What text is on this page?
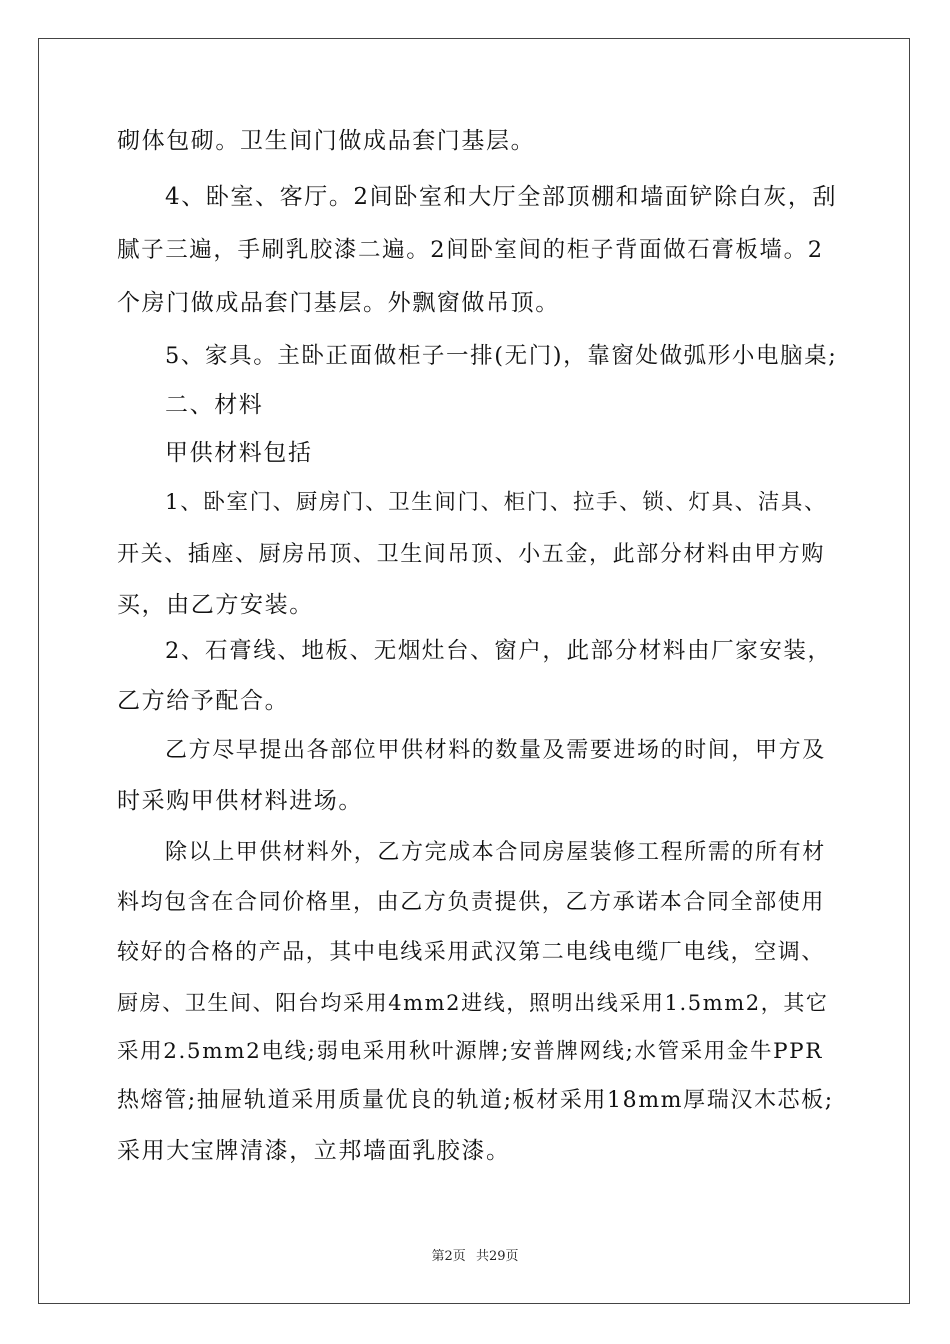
砌体包砌。卫生间门做成品套门基层。
4、卧室、客厅。2间卧室和大厅全部顶棚和墙面铲除白灰，刮
腻子三遍，手刷乳胶漆二遍。2间卧室间的柜子背面做石膏板墙。2
个房门做成品套门基层。外飘窗做吊顶。
5、家具。主卧正面做柜子一排(无门)，靠窗处做弧形小电脑桌;
二、材料
甲供材料包括
1、卧室门、厨房门、卫生间门、柜门、拉手、锁、灯具、洁具、
开关、插座、厨房吊顶、卫生间吊顶、小五金，此部分材料由甲方购
买，由乙方安装。
2、石膏线、地板、无烟灶台、窗户，此部分材料由厂家安装，
乙方给予配合。
乙方尽早提出各部位甲供材料的数量及需要进场的时间，甲方及
时采购甲供材料进场。
除以上甲供材料外，乙方完成本合同房屋装修工程所需的所有材
料均包含在合同价格里，由乙方负责提供，乙方承诺本合同全部使用
较好的合格的产品，其中电线采用武汉第二电线电缆厂电线，空调、
厨房、卫生间、阳台均采用4mm2进线，照明出线采用1.5mm2，其它
采用2.5mm2电线;弱电采用秋叶源牌;安普牌网线;水管采用金牛PPR
热熔管;抽屉轨道采用质量优良的轨道;板材采用18mm厚瑞汉木芯板;
采用大宝牌清漆，立邦墙面乳胶漆。
第2页 共29页
